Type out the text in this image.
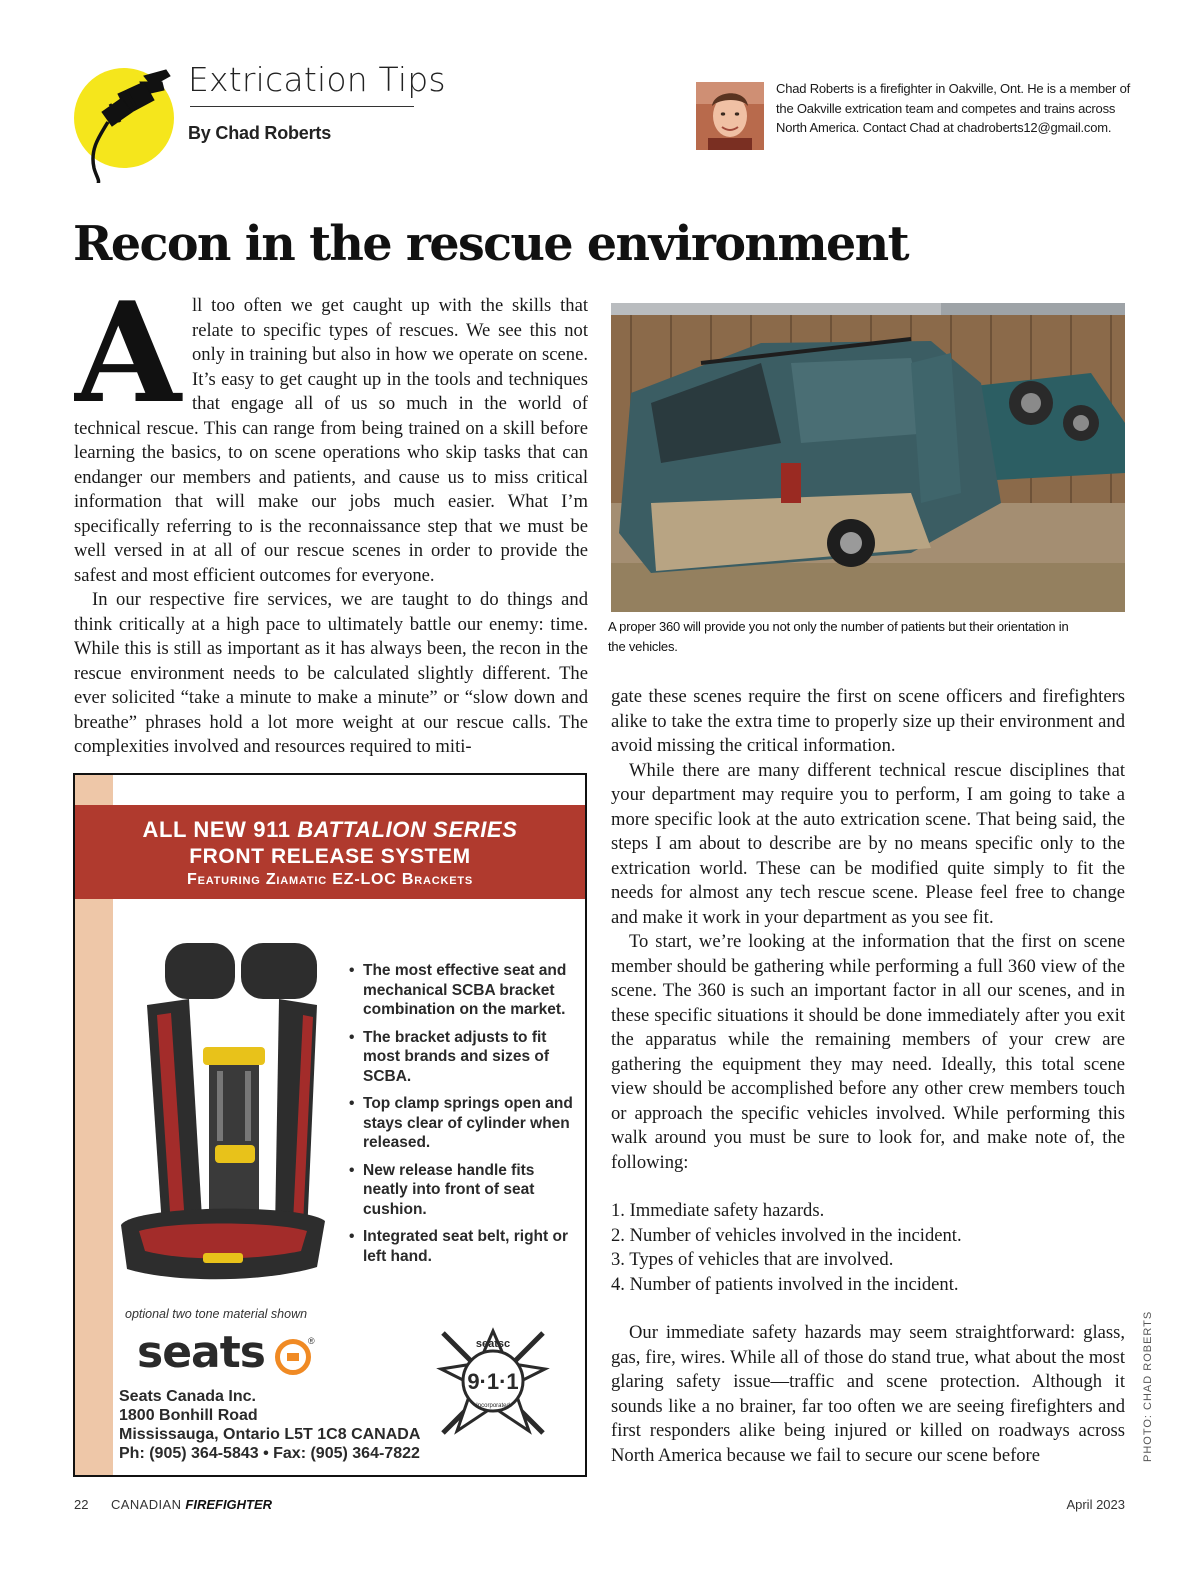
Extrication Tips
By Chad Roberts
Chad Roberts is a firefighter in Oakville, Ont. He is a member of the Oakville extrication team and competes and trains across North America. Contact Chad at chadroberts12@gmail.com.
Recon in the rescue environment
A ll too often we get caught up with the skills that relate to specific types of rescues. We see this not only in training but also in how we operate on scene. It’s easy to get caught up in the tools and techniques that engage all of us so much in the world of technical rescue. This can range from being trained on a skill before learning the basics, to on scene operations who skip tasks that can endanger our members and patients, and cause us to miss critical information that will make our jobs much easier. What I’m specifically referring to is the reconnaissance step that we must be well versed in at all of our rescue scenes in order to provide the safest and most efficient outcomes for everyone.

In our respective fire services, we are taught to do things and think critically at a high pace to ultimately battle our enemy: time. While this is still as important as it has always been, the recon in the rescue environment needs to be calculated slightly different. The ever solicited “take a minute to make a minute” or “slow down and breathe” phrases hold a lot more weight at our rescue calls. The complexities involved and resources required to miti-

A proper 360 will provide you not only the number of patients but their orientation in the vehicles.

gate these scenes require the first on scene officers and firefighters alike to take the extra time to properly size up their environment and avoid missing the critical information.

While there are many different technical rescue disciplines that your department may require you to perform, I am going to take a more specific look at the auto extrication scene. That being said, the steps I am about to describe are by no means specific only to the extrication world. These can be modified quite simply to fit the needs for almost any tech rescue scene. Please feel free to change and make it work in your department as you see fit.

To start, we’re looking at the information that the first on scene member should be gathering while performing a full 360 view of the scene. The 360 is such an important factor in all our scenes, and in these specific situations it should be done immediately after you exit the apparatus while the remaining members of your crew are gathering the equipment they may need. Ideally, this total scene view should be accomplished before any other crew members touch or approach the specific vehicles involved. While performing this walk around you must be sure to look for, and make note of, the following:

1. Immediate safety hazards.
2. Number of vehicles involved in the incident.
3. Types of vehicles that are involved.
4. Number of patients involved in the incident.

Our immediate safety hazards may seem straightforward: glass, gas, fire, wires. While all of those do stand true, what about the most glaring safety issue—traffic and scene protection. Although it sounds like a no brainer, far too often we are seeing firefighters and first responders alike being injured or killed on roadways across North America because we fail to secure our scene before	PHOTO: CHAD ROBERTS
ALL NEW 911 BATTALION SERIES
FRONT RELEASE SYSTEM
Featuring Ziamatic EZ-LOC Brackets
• The most effective seat and mechanical SCBA bracket combination on the market.
• The bracket adjusts to fit most brands and sizes of SCBA.
• Top clamp springs open and stays clear of cylinder when released.
• New release handle fits neatly into front of seat cushion.
• Integrated seat belt, right or left hand.
optional two tone material shown
seats	®	seatsc
9·1·1
Incorporated
Seats Canada Inc.
1800 Bonhill Road
Mississauga, Ontario L5T 1C8 CANADA
Ph: (905) 364-5843 • Fax: (905) 364-7822
22 CANADIAN FIREFIGHTER	April 2023
